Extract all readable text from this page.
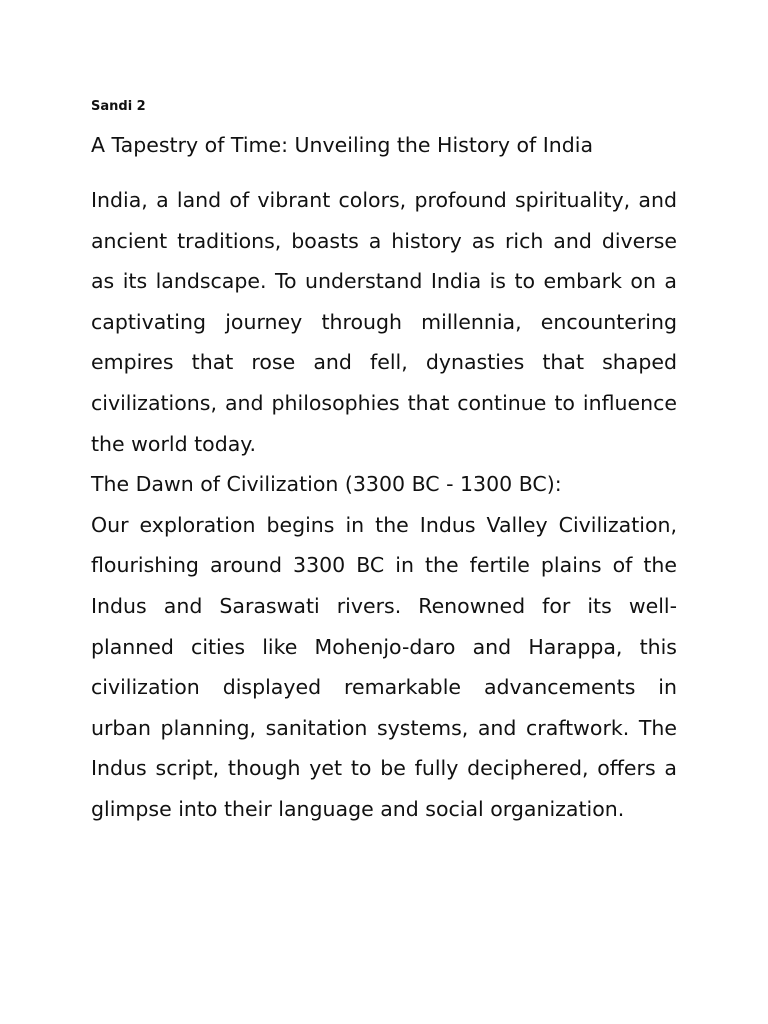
Sandi 2
A Tapestry of Time: Unveiling the History of India

India, a land of vibrant colors, profound spirituality, and ancient traditions, boasts a history as rich and diverse as its landscape. To understand India is to embark on a captivating journey through millennia, encountering empires that rose and fell, dynasties that shaped civilizations, and philosophies that continue to influence the world today.

The Dawn of Civilization (3300 BC - 1300 BC):

Our exploration begins in the Indus Valley Civilization, flourishing around 3300 BC in the fertile plains of the Indus and Saraswati rivers. Renowned for its well-planned cities like Mohenjo-daro and Harappa, this civilization displayed remarkable advancements in urban planning, sanitation systems, and craftwork. The Indus script, though yet to be fully deciphered, offers a glimpse into their language and social organization.
